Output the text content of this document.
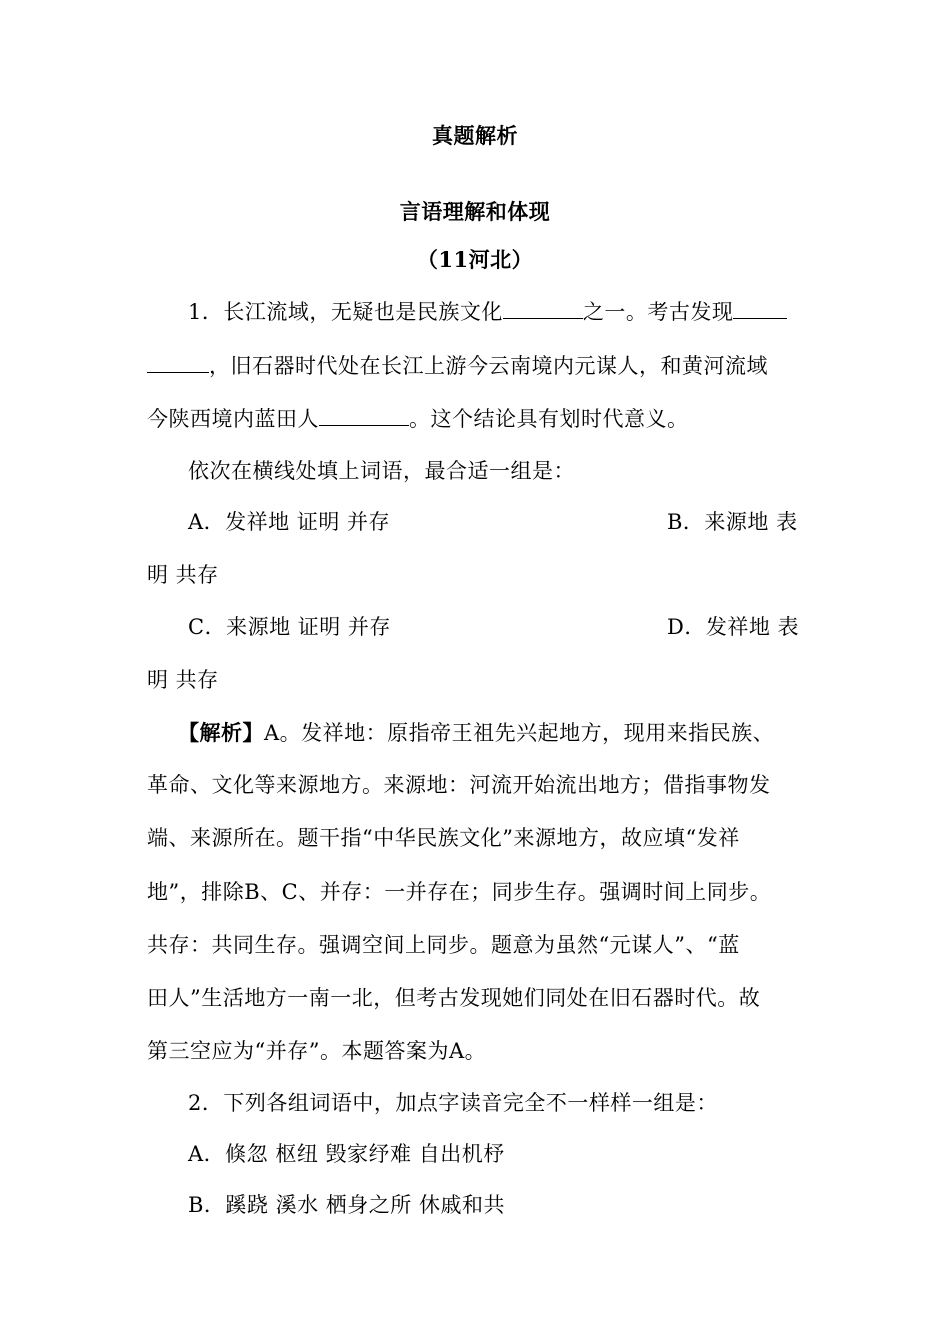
真题解析
言语理解和体现
（11河北）
1．长江流域，无疑也是民族文化	之一。考古发现
，旧石器时代处在长江上游今云南境内元谋人，和黄河流域
今陕西境内蓝田人	。这个结论具有划时代意义。
依次在横线处填上词语，最合适一组是：
A．发祥地 证明 并存	B．来源地 表
明 共存
C．来源地 证明 并存	D．发祥地 表
明 共存
【解析】A。发祥地：原指帝王祖先兴起地方，现用来指民族、
革命、文化等来源地方。来源地：河流开始流出地方；借指事物发
端、来源所在。题干指“中华民族文化”来源地方，故应填“发祥
地”，排除B、C、并存：一并存在；同步生存。强调时间上同步。
共存：共同生存。强调空间上同步。题意为虽然“元谋人”、“蓝
田人”生活地方一南一北，但考古发现她们同处在旧石器时代。故
第三空应为“并存”。本题答案为A。
2．下列各组词语中，加点字读音完全不一样样一组是：
A．倏忽 枢纽 毁家纾难 自出机杼
B．蹊跷 溪水 栖身之所 休戚和共
